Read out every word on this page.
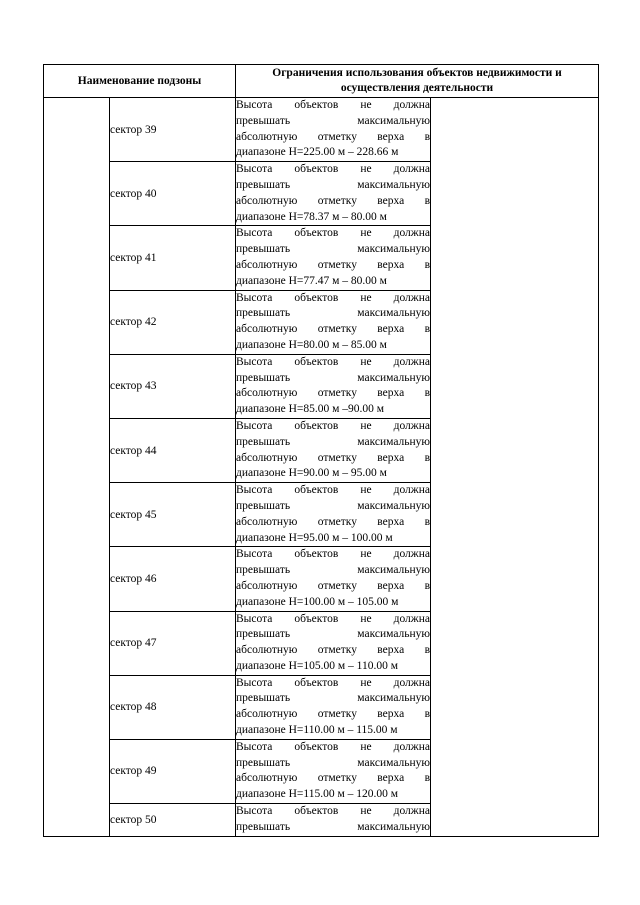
Наименование подзоны		Ограничения использования объектов недвижимости и осуществления деятельности	

	сектор 39	Высота объектов не должна
превышать максимальную
абсолютную отметку верха в
диапазоне Н=225.00 м – 228.66 м	

	сектор 40	Высота объектов не должна
превышать максимальную
абсолютную отметку верха в
диапазоне Н=78.37 м – 80.00 м	

	сектор 41	Высота объектов не должна
превышать максимальную
абсолютную отметку верха в
диапазоне Н=77.47 м – 80.00 м	

	сектор 42	Высота объектов не должна
превышать максимальную
абсолютную отметку верха в
диапазоне Н=80.00 м – 85.00 м	

	сектор 43	Высота объектов не должна
превышать максимальную
абсолютную отметку верха в
диапазоне Н=85.00 м –90.00 м	

	сектор 44	Высота объектов не должна
превышать максимальную
абсолютную отметку верха в
диапазоне Н=90.00 м – 95.00 м	

	сектор 45	Высота объектов не должна
превышать максимальную
абсолютную отметку верха в
диапазоне Н=95.00 м – 100.00 м	

	сектор 46	Высота объектов не должна
превышать максимальную
абсолютную отметку верха в
диапазоне Н=100.00 м – 105.00 м	

	сектор 47	Высота объектов не должна
превышать максимальную
абсолютную отметку верха в
диапазоне Н=105.00 м – 110.00 м	

	сектор 48	Высота объектов не должна
превышать максимальную
абсолютную отметку верха в
диапазоне Н=110.00 м – 115.00 м	

	сектор 49	Высота объектов не должна
превышать максимальную
абсолютную отметку верха в
диапазоне Н=115.00 м – 120.00 м	

	сектор 50	Высота объектов не должна
превышать максимальную	
